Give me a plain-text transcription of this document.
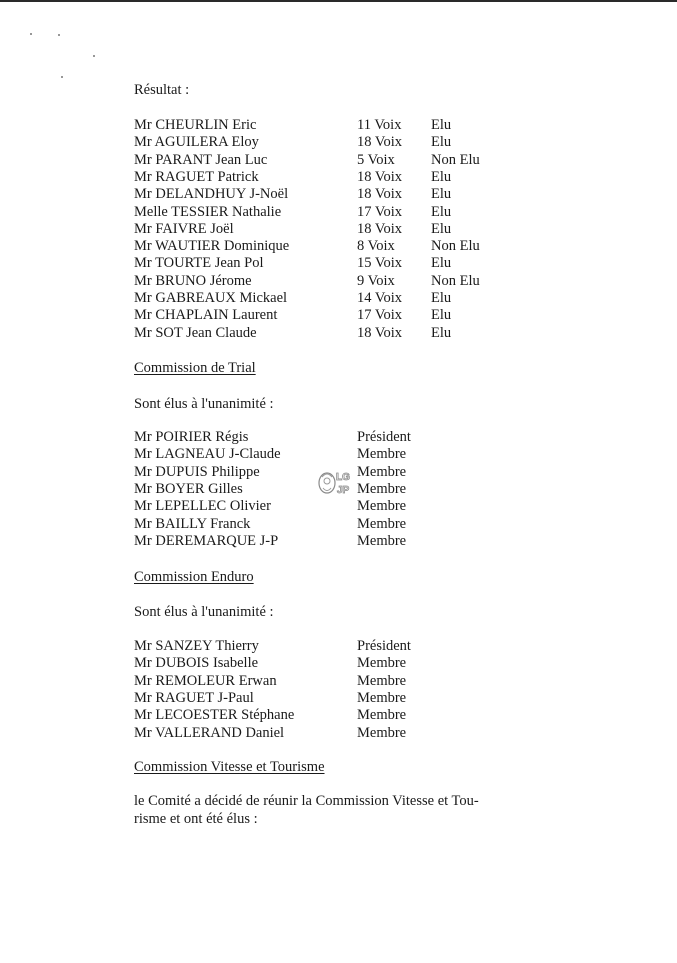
Résultat :
Mr CHEURLIN Eric	11 Voix Elu
Mr AGUILERA Eloy	18 Voix Elu
Mr PARANT Jean Luc	5 Voix	Non Elu
Mr RAGUET Patrick	18 Voix Elu
Mr DELANDHUY J-Noël	18 Voix Elu
Melle TESSIER Nathalie	17 Voix Elu
Mr FAIVRE Joël	18 Voix Elu
Mr WAUTIER Dominique	8 Voix	Non Elu
Mr TOURTE Jean Pol	15 Voix Elu
Mr BRUNO Jérome	9 Voix	Non Elu
Mr GABREAUX Mickael	14 Voix Elu
Mr CHAPLAIN Laurent	17 Voix Elu
Mr SOT Jean Claude	18 Voix Elu
Commission de Trial
Sont élus à l'unanimité :
Mr POIRIER Régis	Président
Mr LAGNEAU J-Claude	Membre
Mr DUPUIS Philippe	Membre
Mr BOYER Gilles	Membre
Mr LEPELLEC Olivier	Membre
Mr BAILLY Franck	Membre
Mr DEREMARQUE J-P	Membre
Commission Enduro
Sont élus à l'unanimité :
Mr SANZEY Thierry	Président
Mr DUBOIS Isabelle	Membre
Mr REMOLEUR Erwan	Membre
Mr RAGUET J-Paul	Membre
Mr LECOESTER Stéphane	Membre
Mr VALLERAND Daniel	Membre
Commission Vitesse et Tourisme
le Comité a décidé de réunir la Commission Vitesse et Tou-
risme et ont été élus :
LG
JP
